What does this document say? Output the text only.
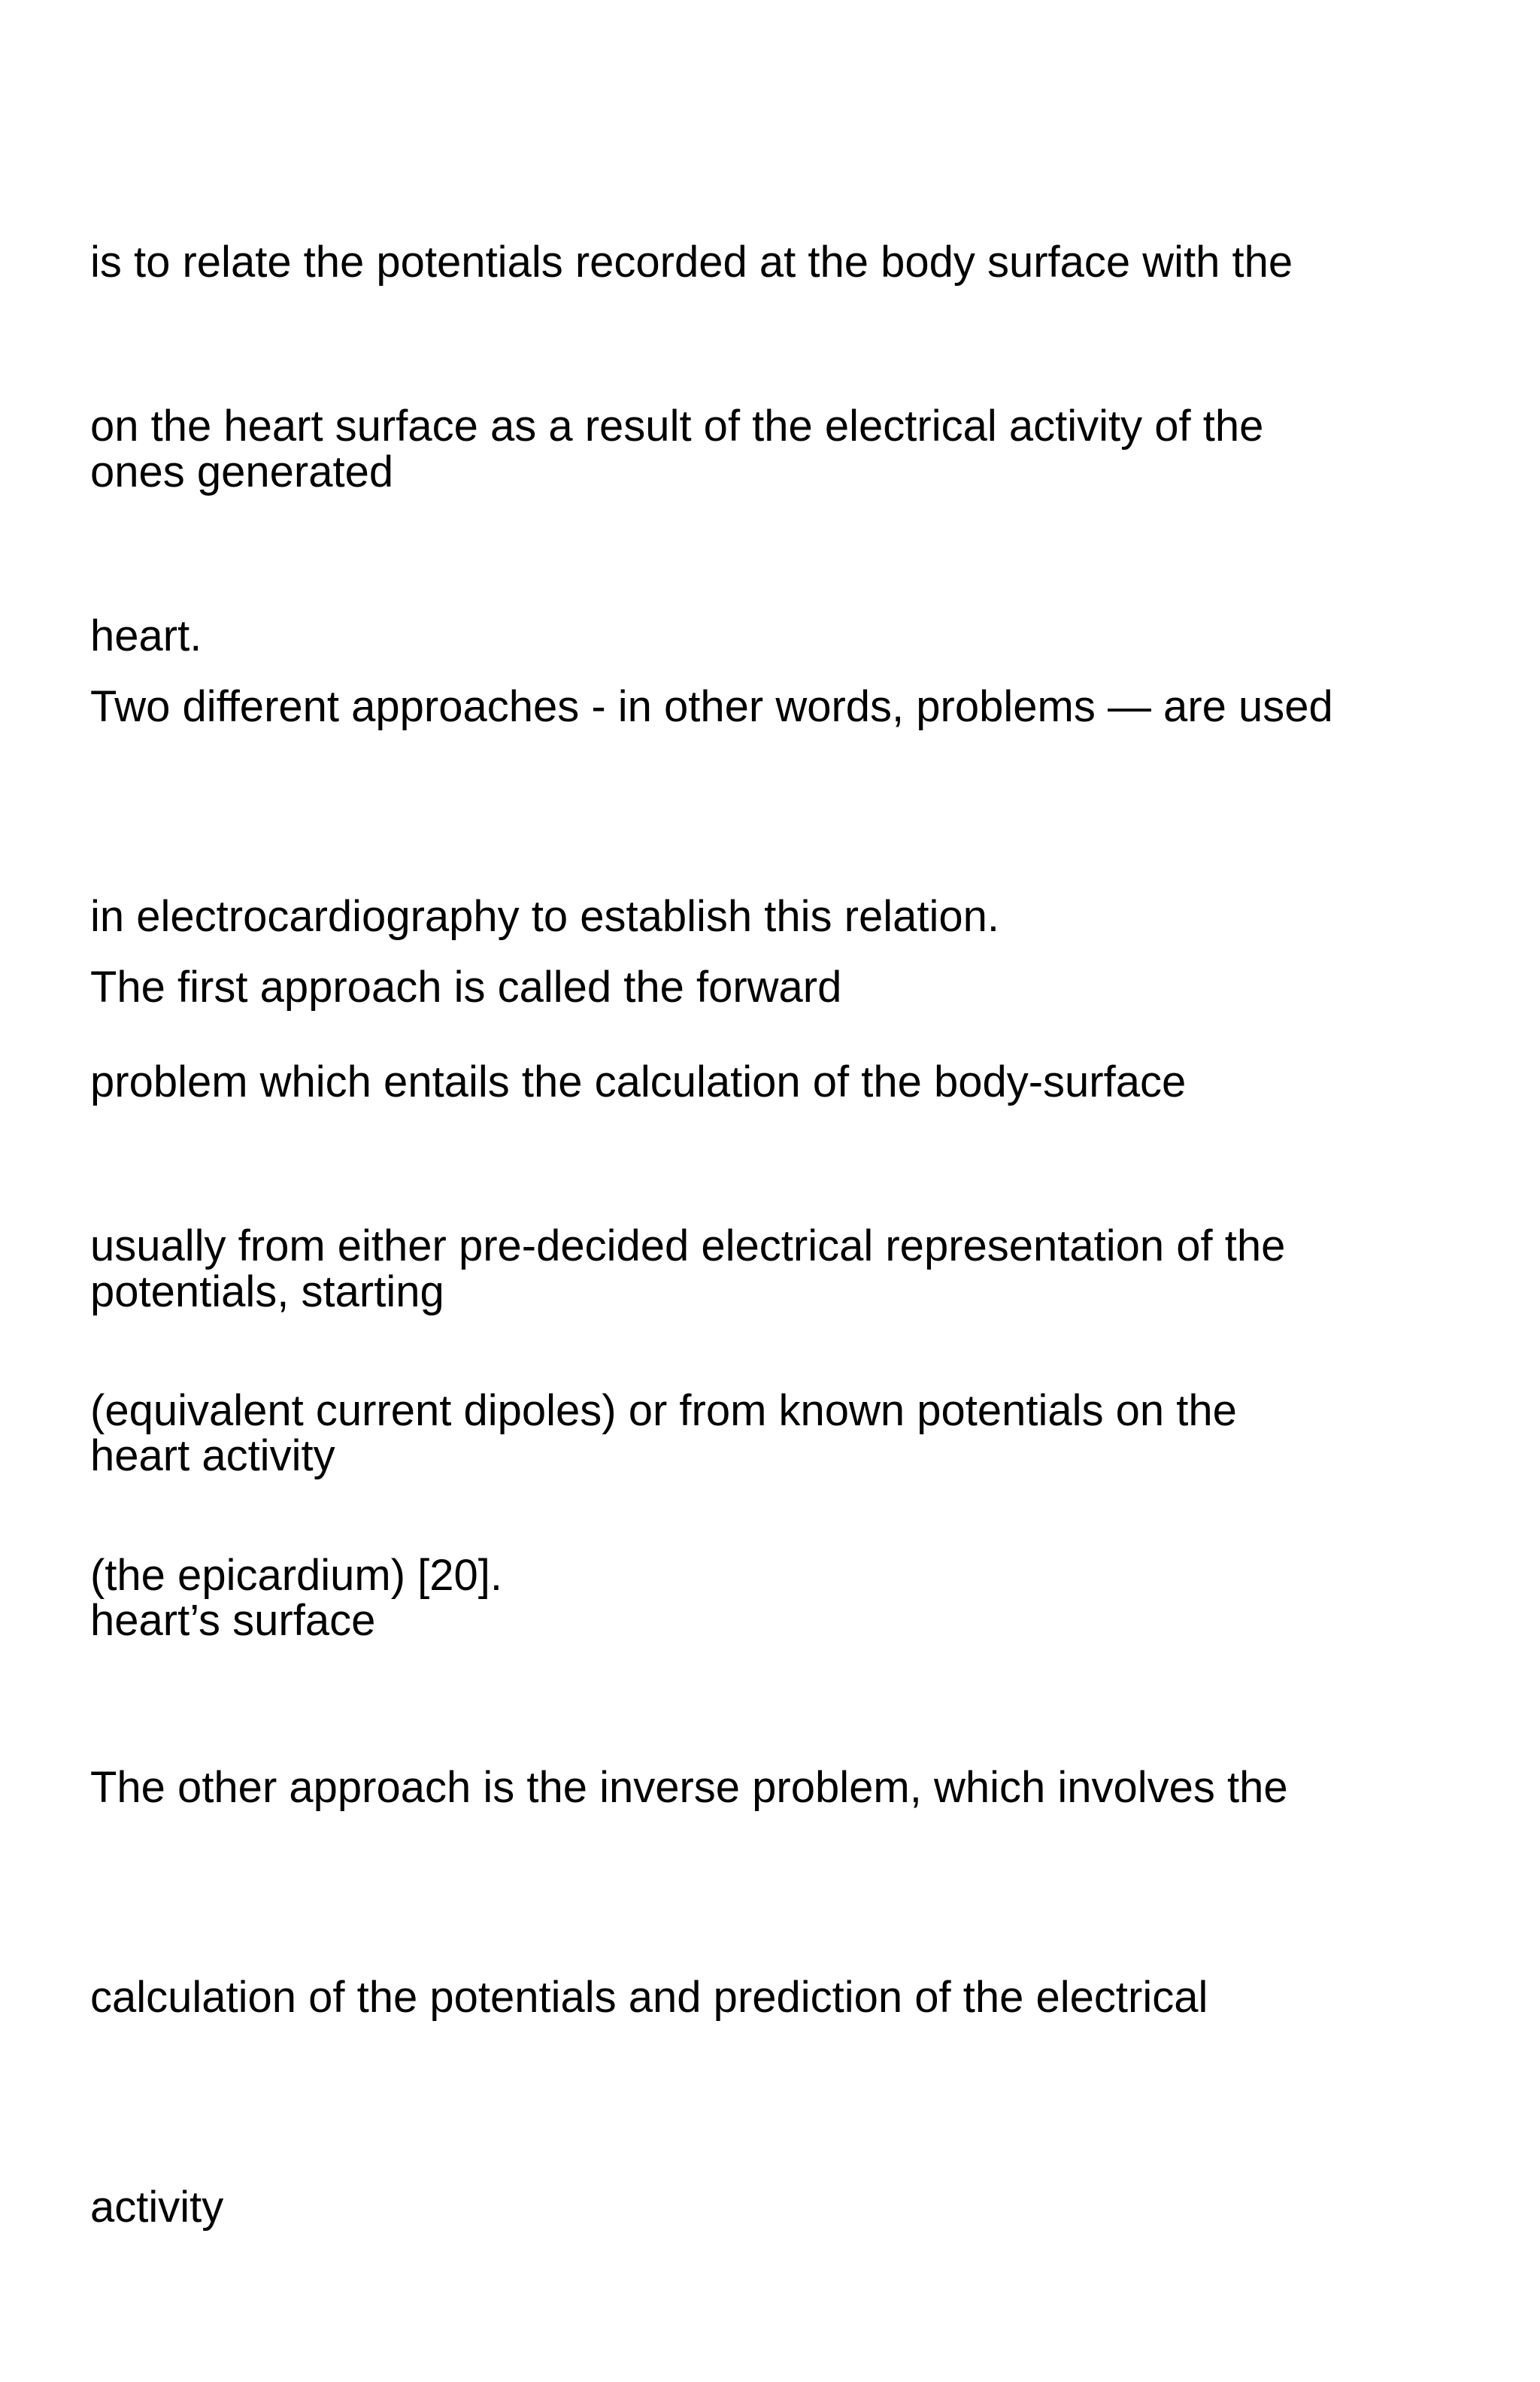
is to relate the potentials recorded at the body surface with the

ones generated

on the heart surface as a result of the electrical activity of the

heart.

Two different approaches - in other words, problems — are used

in electrocardiography to establish this relation.

The first approach is called the forward

problem which entails the calculation of the body-surface

potentials, starting

usually from either pre-decided electrical representation of the

heart activity

(equivalent current dipoles) or from known potentials on the

heart’s surface

(the epicardium) [20].

The other approach is the inverse problem, which involves the

calculation of the potentials and prediction of the electrical

activity
